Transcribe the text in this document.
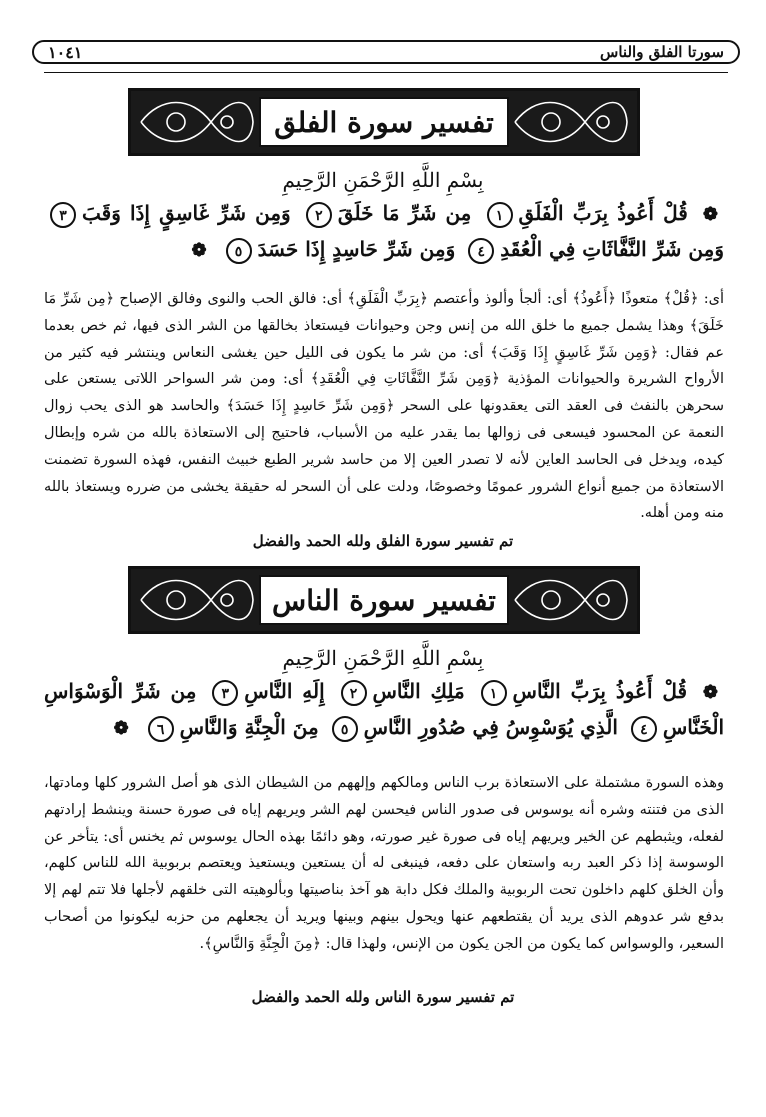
١٠٤١	سورتا الفلق والناس
تفسير سورة الفلق
بِسْمِ اللَّهِ الرَّحْمَنِ الرَّحِيمِ
❁ قُلْ أَعُوذُ بِرَبِّ الْفَلَقِ١ مِن شَرِّ مَا خَلَقَ٢ وَمِن شَرِّ غَاسِقٍ إِذَا وَقَبَ٣ وَمِن شَرِّ النَّفَّاثَاتِ فِي الْعُقَدِ٤ وَمِن شَرِّ حَاسِدٍ إِذَا حَسَدَ٥ ❁
أى: ﴿قُلْ﴾ متعوذًا ﴿أَعُوذُ﴾ أى: ألجأ وألوذ وأعتصم ﴿بِرَبِّ الْفَلَقِ﴾ أى: فالق الحب والنوى وفالق الإصباح ﴿مِن شَرِّ مَا خَلَقَ﴾ وهذا يشمل جميع ما خلق الله من إنس وجن وحيوانات فيستعاذ بخالقها من الشر الذى فيها، ثم خص بعدما عم فقال: ﴿وَمِن شَرِّ غَاسِقٍ إِذَا وَقَبَ﴾ أى: من شر ما يكون فى الليل حين يغشى النعاس وينتشر فيه كثير من الأرواح الشريرة والحيوانات المؤذية ﴿وَمِن شَرِّ النَّفَّاثَاتِ فِي الْعُقَدِ﴾ أى: ومن شر السواحر اللاتى يستعن على سحرهن بالنفث فى العقد التى يعقدونها على السحر ﴿وَمِن شَرِّ حَاسِدٍ إِذَا حَسَدَ﴾ والحاسد هو الذى يحب زوال النعمة عن المحسود فيسعى فى زوالها بما يقدر عليه من الأسباب، فاحتيج إلى الاستعاذة بالله من شره وإبطال كيده، ويدخل فى الحاسد العاين لأنه لا تصدر العين إلا من حاسد شرير الطبع خبيث النفس، فهذه السورة تضمنت الاستعاذة من جميع أنواع الشرور عمومًا وخصوصًا، ودلت على أن السحر له حقيقة يخشى من ضرره ويستعاذ بالله منه ومن أهله.
تم تفسير سورة الفلق ولله الحمد والفضل
تفسير سورة الناس
بِسْمِ اللَّهِ الرَّحْمَنِ الرَّحِيمِ
❁ قُلْ أَعُوذُ بِرَبِّ النَّاسِ١ مَلِكِ النَّاسِ٢ إِلَهِ النَّاسِ٣ مِن شَرِّ الْوَسْوَاسِ الْخَنَّاسِ٤ الَّذِي يُوَسْوِسُ فِي صُدُورِ النَّاسِ٥ مِنَ الْجِنَّةِ وَالنَّاسِ٦ ❁
وهذه السورة مشتملة على الاستعاذة برب الناس ومالكهم وإلههم من الشيطان الذى هو أصل الشرور كلها ومادتها، الذى من فتنته وشره أنه يوسوس فى صدور الناس فيحسن لهم الشر ويريهم إياه فى صورة حسنة وينشط إرادتهم لفعله، ويثبطهم عن الخير ويريهم إياه فى صورة غير صورته، وهو دائمًا بهذه الحال يوسوس ثم يخنس أى: يتأخر عن الوسوسة إذا ذكر العبد ربه واستعان على دفعه، فينبغى له أن يستعين ويستعيذ ويعتصم بربوبية الله للناس كلهم، وأن الخلق كلهم داخلون تحت الربوبية والملك فكل دابة هو آخذ بناصيتها وبألوهيته التى خلقهم لأجلها فلا تتم لهم إلا بدفع شر عدوهم الذى يريد أن يقتطعهم عنها ويحول بينهم وبينها ويريد أن يجعلهم من حزبه ليكونوا من أصحاب السعير، والوسواس كما يكون من الجن يكون من الإنس، ولهذا قال: ﴿مِنَ الْجِنَّةِ وَالنَّاسِ﴾.
تم تفسير سورة الناس ولله الحمد والفضل
